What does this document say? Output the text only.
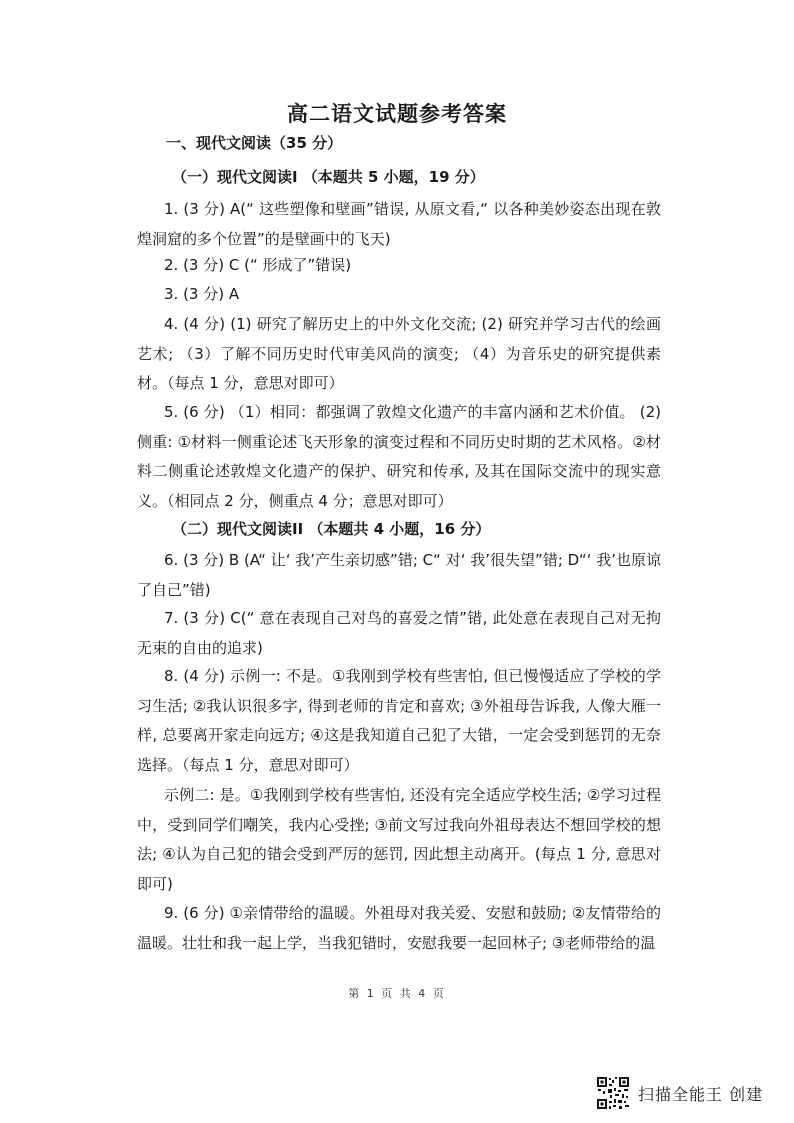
高二语文试题参考答案

一、现代文阅读（35 分）

（一）现代文阅读I （本题共 5 小题，19 分）

1. (3 分) A(“ 这些塑像和壁画”错误, 从原文看,“ 以各种美妙姿态出现在敦煌洞窟的多个位置”的是壁画中的飞天)

2. (3 分) C (“ 形成了”错误)

3. (3 分) A

4. (4 分) (1) 研究了解历史上的中外文化交流; (2) 研究并学习古代的绘画艺术; （3）了解不同历史时代审美风尚的演变; （4）为音乐史的研究提供素材。（每点 1 分，意思对即可）

5. (6 分) （1）相同：都强调了敦煌文化遗产的丰富内涵和艺术价值。 (2) 侧重: ①材料一侧重论述飞天形象的演变过程和不同历史时期的艺术风格。②材料二侧重论述敦煌文化遗产的保护、研究和传承, 及其在国际交流中的现实意义。（相同点 2 分，侧重点 4 分；意思对即可）

（二）现代文阅读II （本题共 4 小题，16 分）

6. (3 分) B (A“ 让‘ 我’产生亲切感”错; C“ 对‘ 我’很失望”错; D“‘ 我’也原谅了自己”错)

7. (3 分) C(“ 意在表现自己对鸟的喜爱之情”错, 此处意在表现自己对无拘无束的自由的追求)

8. (4 分) 示例一: 不是。①我刚到学校有些害怕, 但已慢慢适应了学校的学习生活; ②我认识很多字, 得到老师的肯定和喜欢; ③外祖母告诉我, 人像大雁一样, 总要离开家走向远方; ④这是我知道自己犯了大错，一定会受到惩罚的无奈选择。（每点 1 分，意思对即可）

示例二: 是。①我刚到学校有些害怕, 还没有完全适应学校生活; ②学习过程中，受到同学们嘲笑，我内心受挫; ③前文写过我向外祖母表达不想回学校的想法; ④认为自己犯的错会受到严厉的惩罚, 因此想主动离开。(每点 1 分, 意思对即可)

9. (6 分) ①亲情带给的温暖。外祖母对我关爱、安慰和鼓励; ②友情带给的温暖。壮壮和我一起上学，当我犯错时，安慰我要一起回林子; ③老师带给的温

第 1 页 共 4 页
扫描全能王 创建
